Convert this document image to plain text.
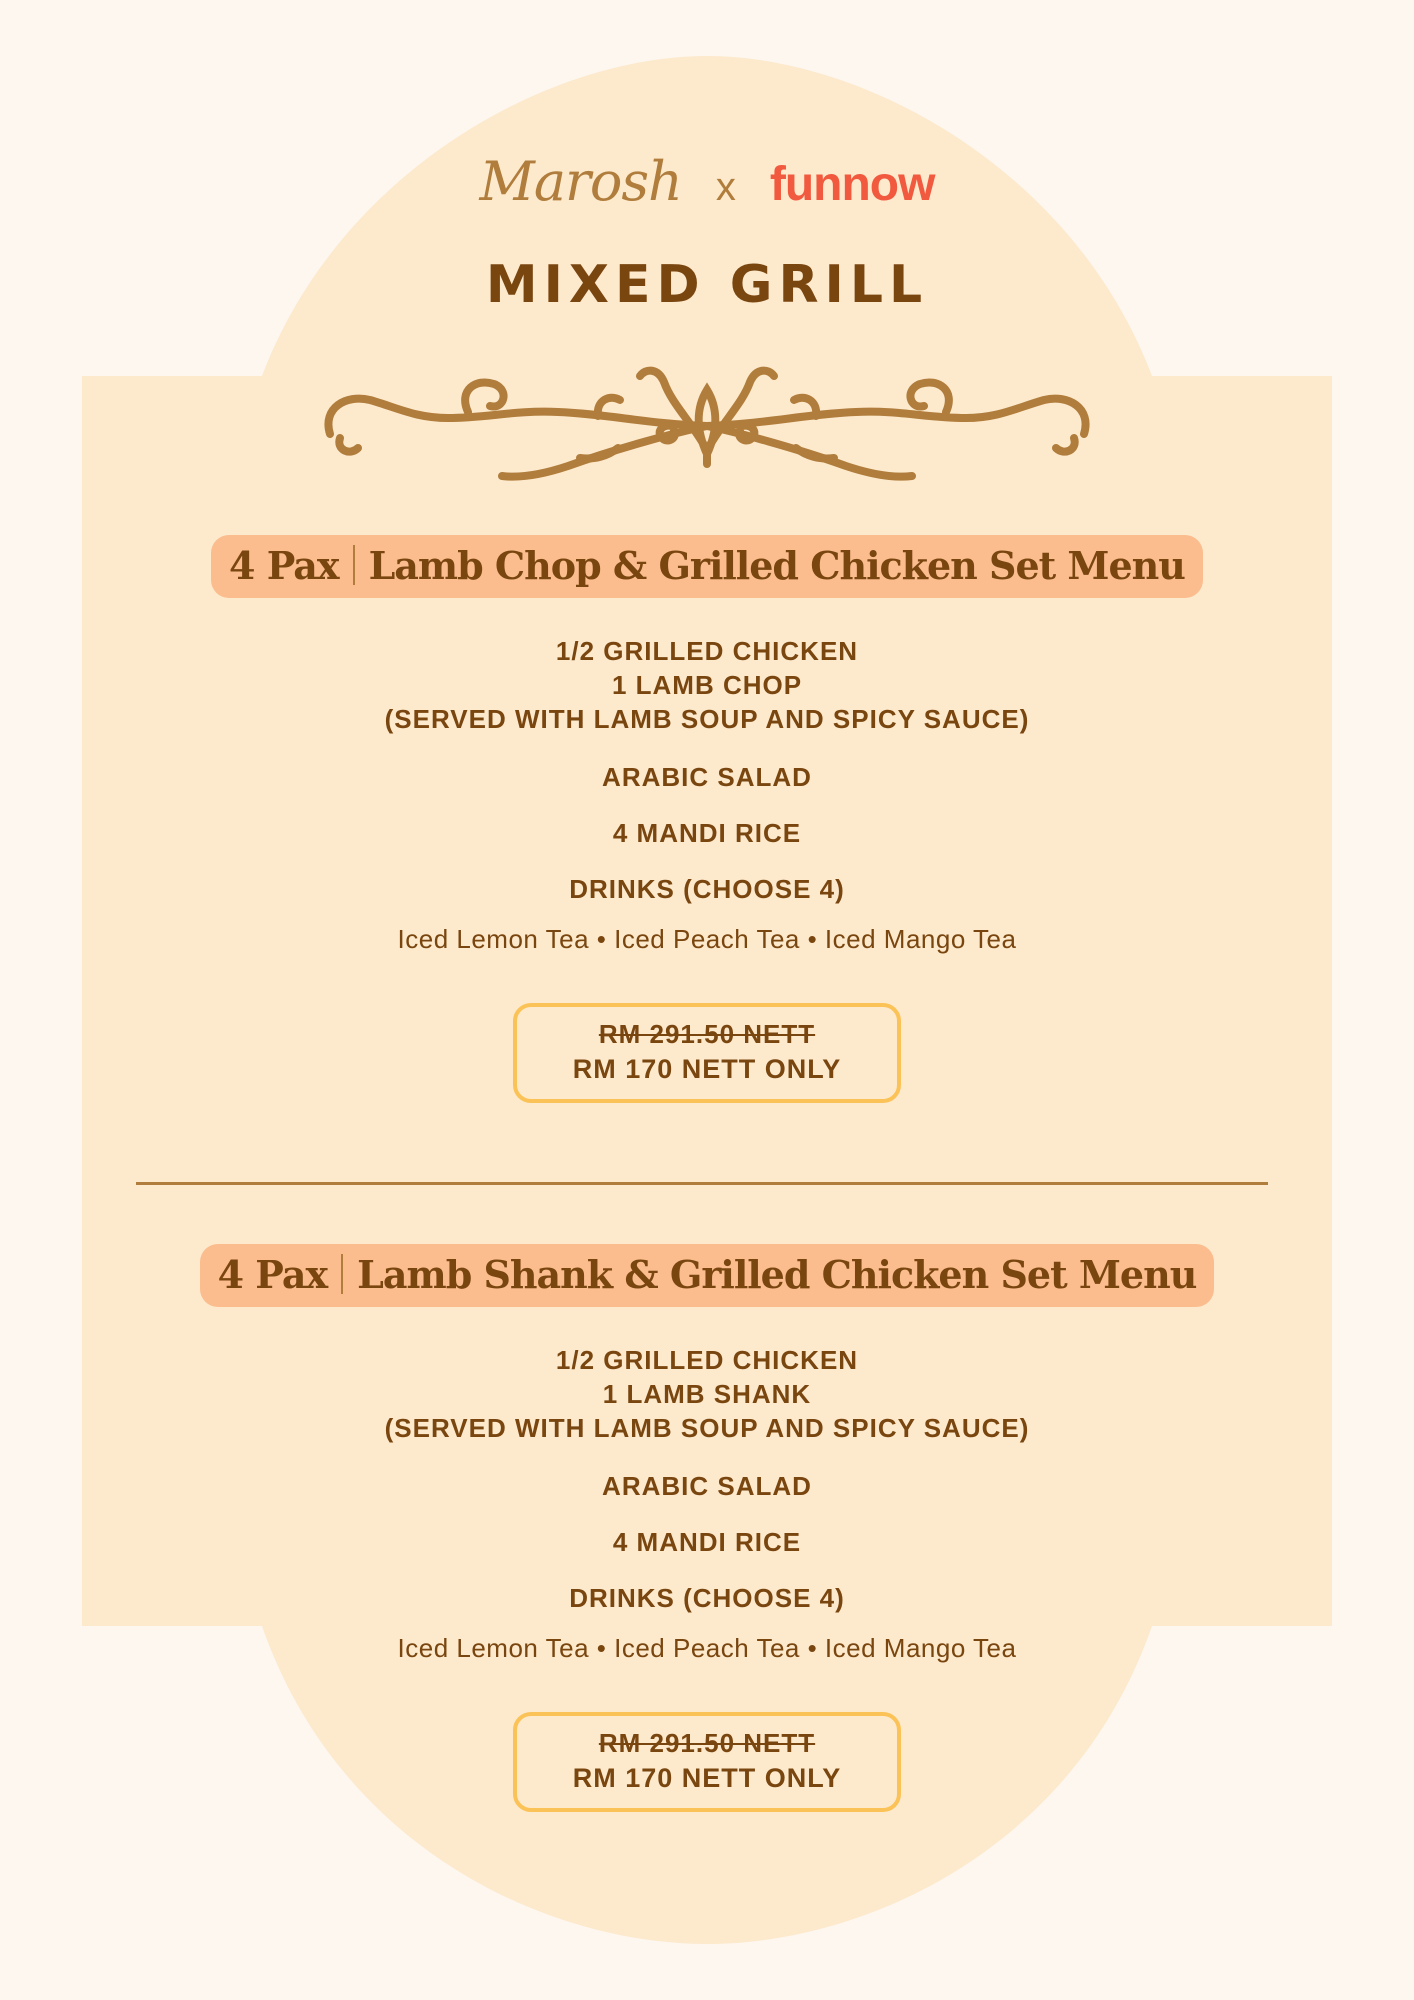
Marosh x funnow
MIXED GRILL
4 Pax Lamb Chop & Grilled Chicken Set Menu
1/2 GRILLED CHICKEN
1 LAMB CHOP
(SERVED WITH LAMB SOUP AND SPICY SAUCE)
ARABIC SALAD
4 MANDI RICE
DRINKS (CHOOSE 4)
Iced Lemon Tea • Iced Peach Tea • Iced Mango Tea
RM 291.50 NETT
RM 170 NETT ONLY
4 Pax Lamb Shank & Grilled Chicken Set Menu
1/2 GRILLED CHICKEN
1 LAMB SHANK
(SERVED WITH LAMB SOUP AND SPICY SAUCE)
ARABIC SALAD
4 MANDI RICE
DRINKS (CHOOSE 4)
Iced Lemon Tea • Iced Peach Tea • Iced Mango Tea
RM 291.50 NETT
RM 170 NETT ONLY
